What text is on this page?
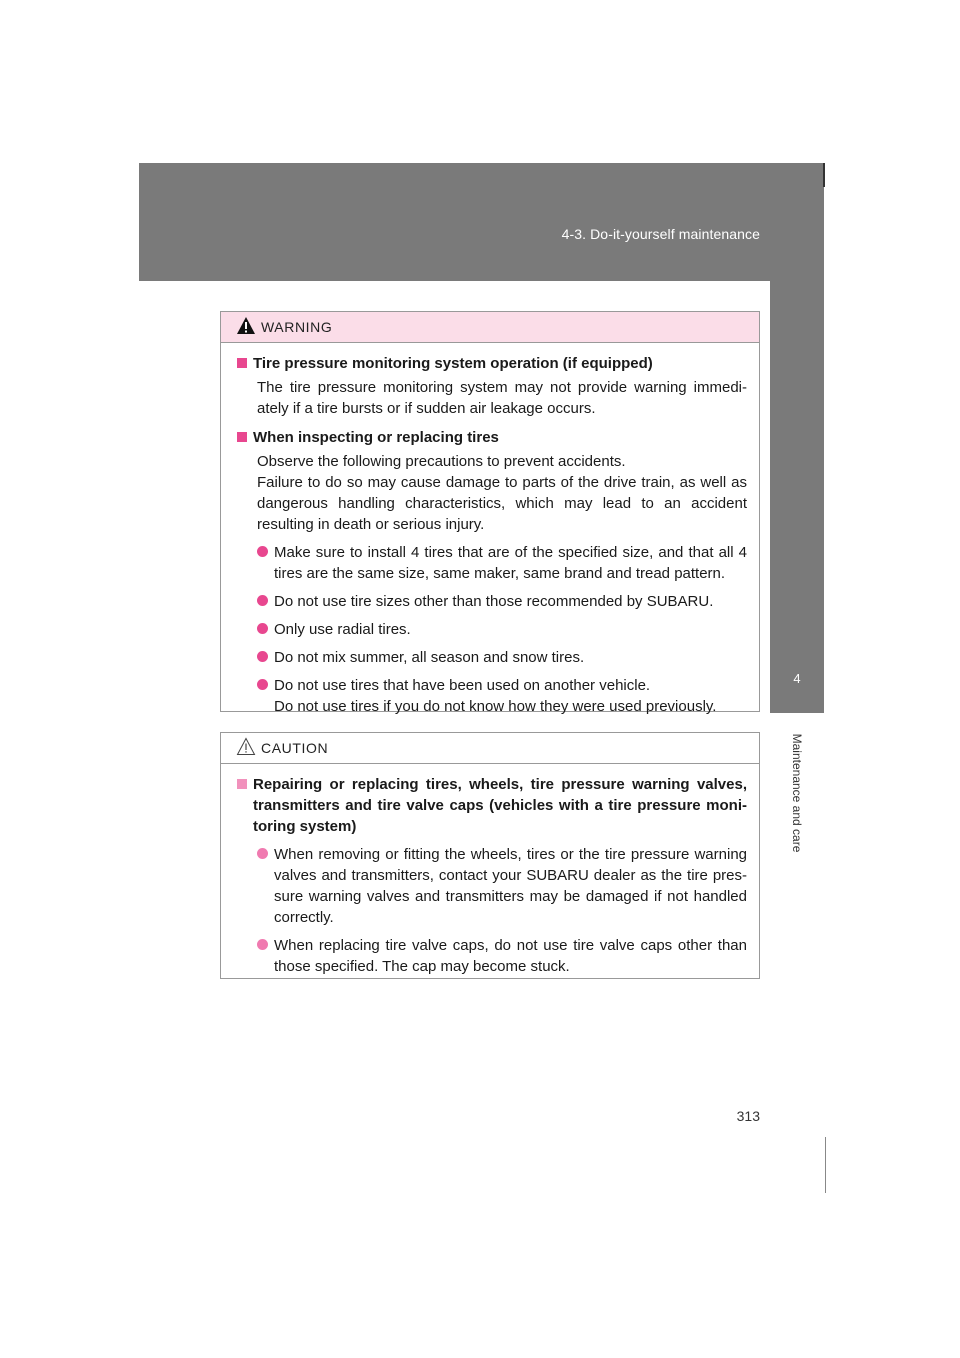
4-3. Do-it-yourself maintenance
4
Maintenance and care
WARNING
Tire pressure monitoring system operation (if equipped)
The tire pressure monitoring system may not provide warning immedi- ately if a tire bursts or if sudden air leakage occurs.
When inspecting or replacing tires
Observe the following precautions to prevent accidents.
Failure to do so may cause damage to parts of the drive train, as well as dangerous handling characteristics, which may lead to an accident resulting in death or serious injury.
Make sure to install 4 tires that are of the specified size, and that all 4 tires are the same size, same maker, same brand and tread pattern.
Do not use tire sizes other than those recommended by SUBARU.
Only use radial tires.
Do not mix summer, all season and snow tires.
Do not use tires that have been used on another vehicle.
Do not use tires if you do not know how they were used previously.
CAUTION
Repairing or replacing tires, wheels, tire pressure warning valves, transmitters and tire valve caps (vehicles with a tire pressure moni- toring system)
When removing or fitting the wheels, tires or the tire pressure warning valves and transmitters, contact your SUBARU dealer as the tire pres- sure warning valves and transmitters may be damaged if not handled correctly.
When replacing tire valve caps, do not use tire valve caps other than those specified. The cap may become stuck.
313
